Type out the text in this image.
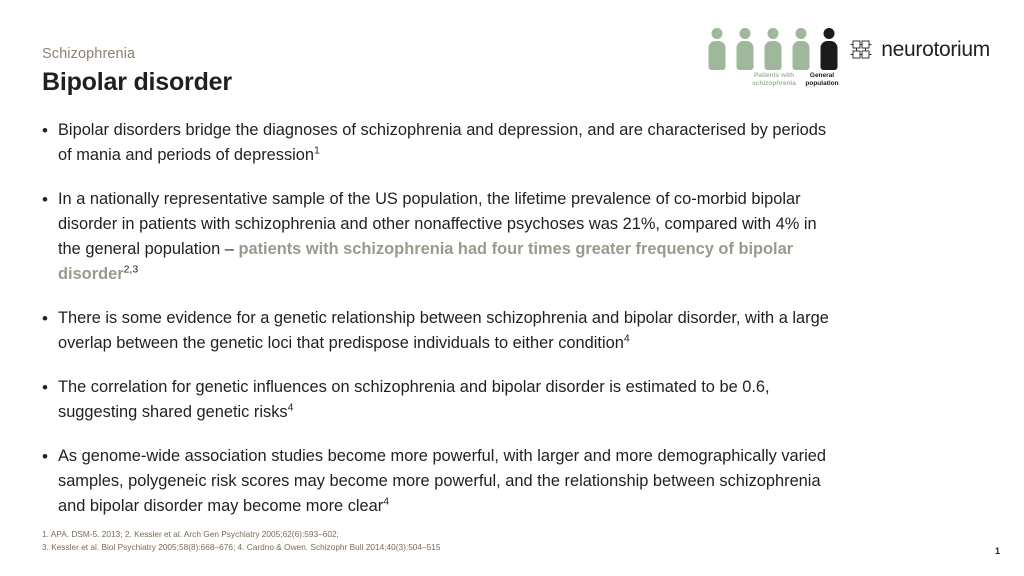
Schizophrenia
Bipolar disorder	Patients with schizophrenia
General population
neurotorium
• Bipolar disorders bridge the diagnoses of schizophrenia and depression, and are characterised by periods of mania and periods of depression$^1$
• In a nationally representative sample of the US population, the lifetime prevalence of co-morbid bipolar disorder in patients with schizophrenia and other nonaffective psychoses was 21%, compared with 4% in the general population – patients with schizophrenia had four times greater frequency of bipolar disorder$^{2,3}$
• There is some evidence for a genetic relationship between schizophrenia and bipolar disorder, with a large overlap between the genetic loci that predispose individuals to either condition$^4$
• The correlation for genetic influences on schizophrenia and bipolar disorder is estimated to be 0.6, suggesting shared genetic risks$^4$
• As genome-wide association studies become more powerful, with larger and more demographically varied samples, polygeneic risk scores may become more powerful, and the relationship between schizophrenia and bipolar disorder may become more clear$^4$
1. APA. DSM-5. 2013; 2. Kessler et al. Arch Gen Psychiatry 2005;62(6):593–602;
3. Kessler et al. Biol Psychiatry 2005;58(8):668–676; 4. Cardno & Owen. Schizophr Bull 2014;40(3):504–515	1
